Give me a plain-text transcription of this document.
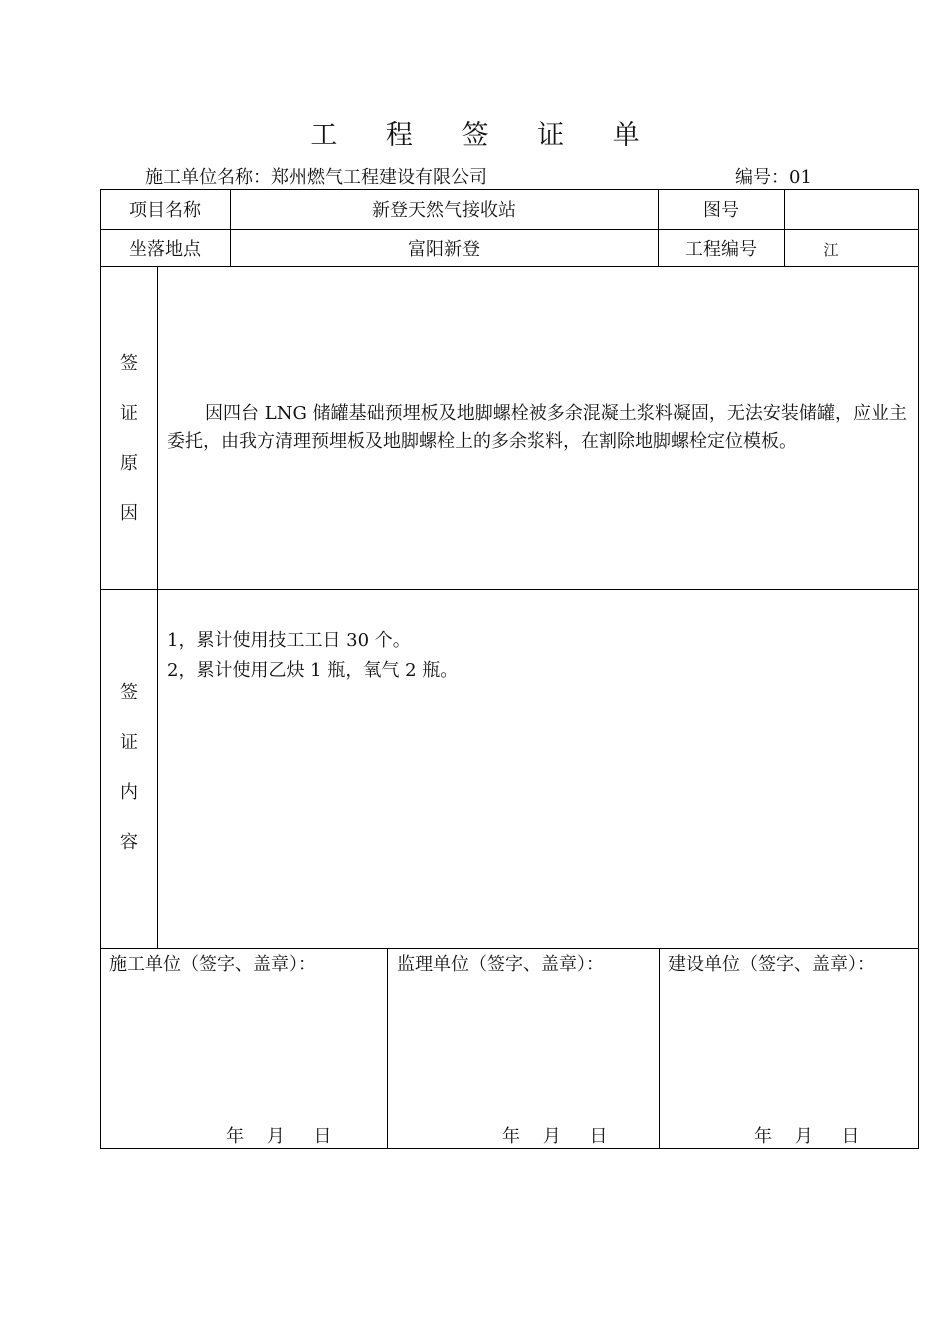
工 程 签 证 单
施工单位名称：郑州燃气工程建设有限公司	编号：01
项目名称	新登天然气接收站	图号
坐落地点	富阳新登	工程编号	江
签
证
原
因
因四台 LNG 储罐基础预埋板及地脚螺栓被多余混凝土浆料凝固，无法安装储罐，应业主委托，由我方清理预埋板及地脚螺栓上的多余浆料，在割除地脚螺栓定位模板。
签
证
内
容
1，累计使用技工工日 30 个。
2，累计使用乙炔 1 瓶，氧气 2 瓶。
施工单位（签字、盖章）：	监理单位（签字、盖章）：	建设单位（签字、盖章）：
年    月     日	年    月     日	年    月     日
